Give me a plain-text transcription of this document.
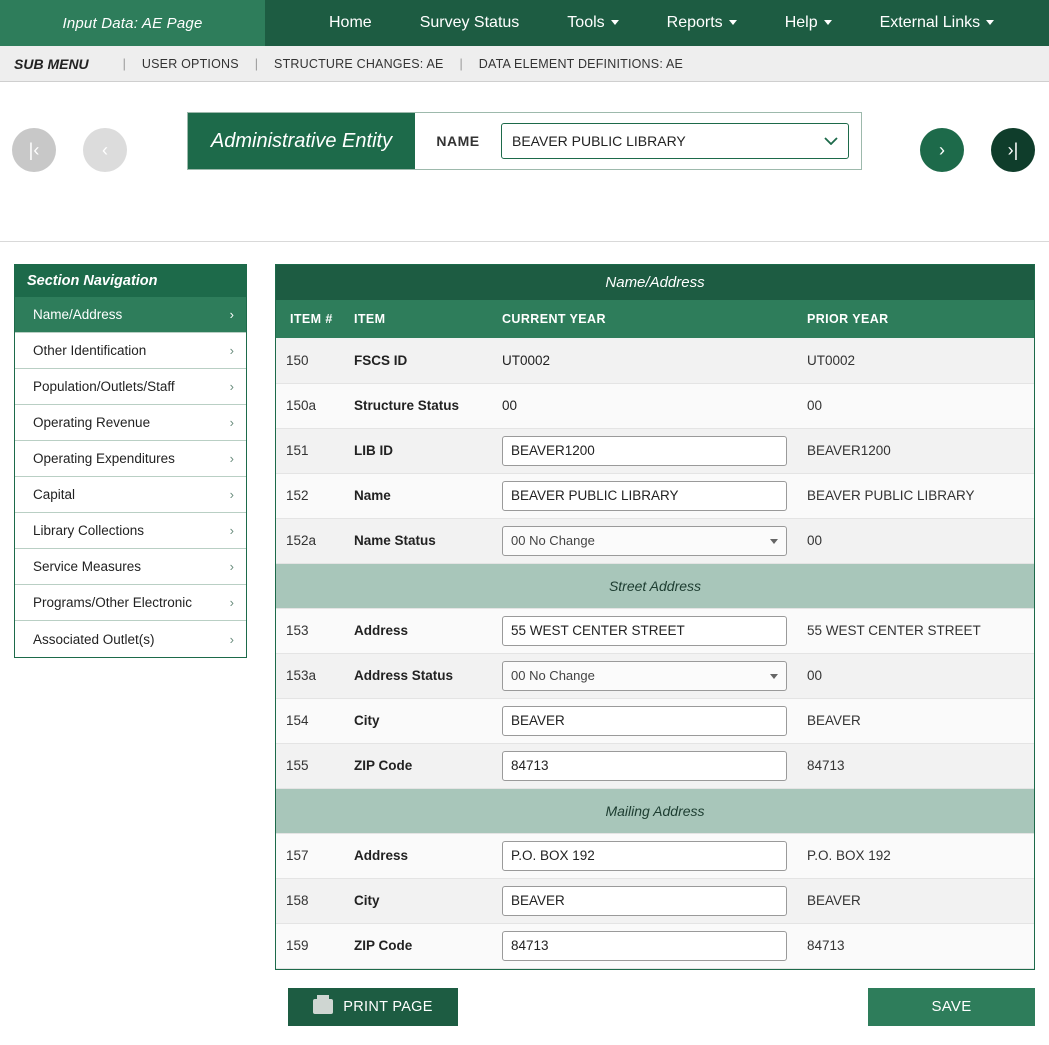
Input Data: AE Page	Home	Survey Status	Tools	Reports	Help	External Links
SUB MENU	|	USER OPTIONS	|	STRUCTURE CHANGES: AE	|	DATA ELEMENT DEFINITIONS: AE
|‹	‹	Administrative Entity	NAME	BEAVER PUBLIC LIBRARY	›	›|
Section Navigation
Name/Address	›
Other Identification	›
Population/Outlets/Staff	›
Operating Revenue	›
Operating Expenditures	›
Capital	›
Library Collections	›
Service Measures	›
Programs/Other Electronic	›
Associated Outlet(s)	›
Name/Address
ITEM #	ITEM	CURRENT YEAR	PRIOR YEAR
150	FSCS ID	UT0002	UT0002
150a	Structure Status	00	00
151	LIB ID	BEAVER1200	BEAVER1200
152	Name	BEAVER PUBLIC LIBRARY	BEAVER PUBLIC LIBRARY
152a	Name Status	00 No Change	00
Street Address			
153	Address	55 WEST CENTER STREET	55 WEST CENTER STREET
153a	Address Status	00 No Change	00
154	City	BEAVER	BEAVER
155	ZIP Code	84713	84713
Mailing Address			
157	Address	P.O. BOX 192	P.O. BOX 192
158	City	BEAVER	BEAVER
159	ZIP Code	84713	84713
PRINT PAGE	SAVE
